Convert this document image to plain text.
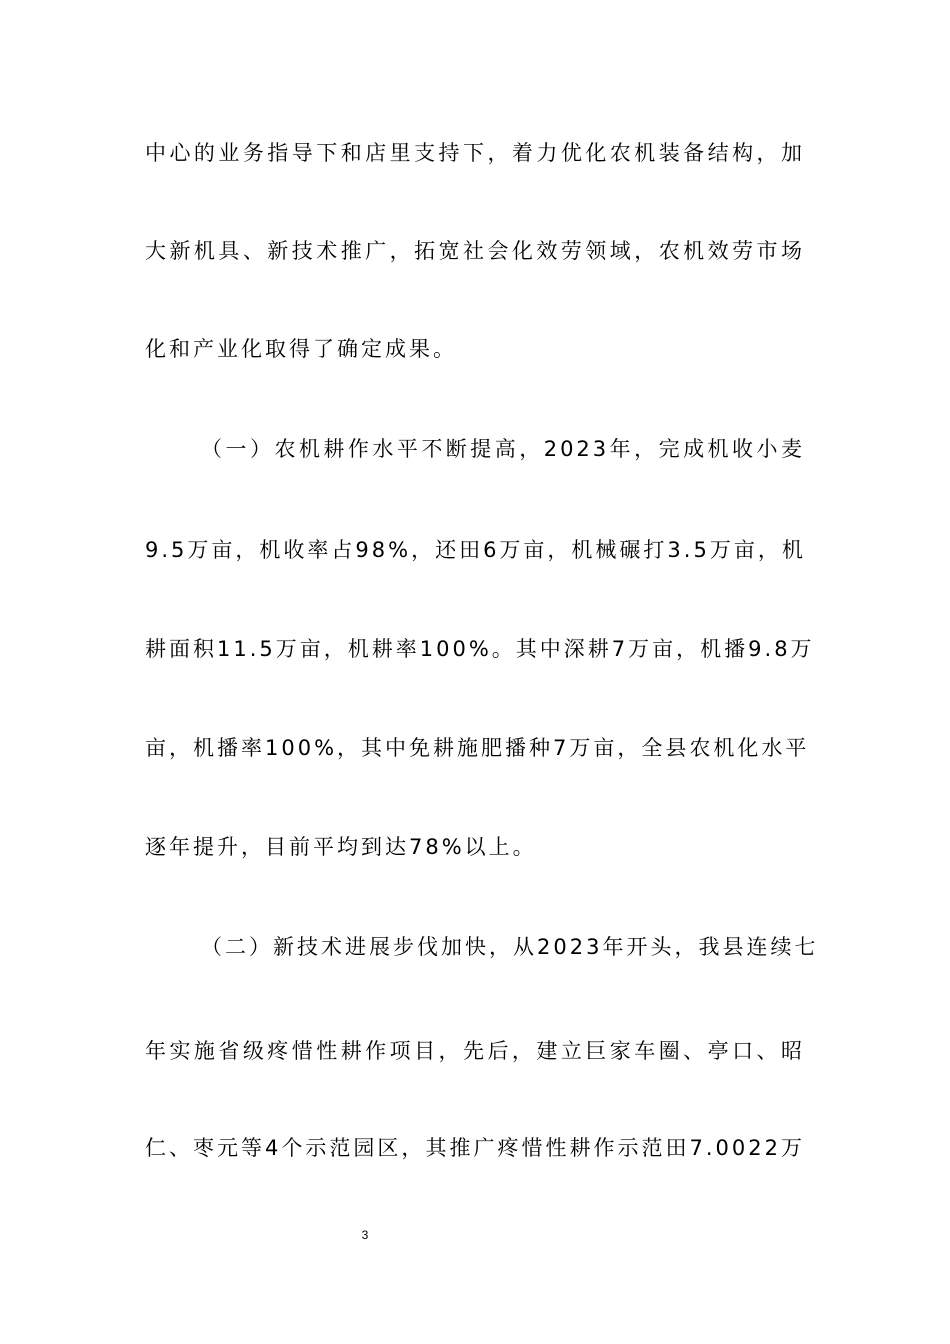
中心的业务指导下和店里支持下，着力优化农机装备结构，加
大新机具、新技术推广，拓宽社会化效劳领域，农机效劳市场
化和产业化取得了确定成果。
（一）农机耕作水平不断提高，2023年，完成机收小麦
9.5万亩，机收率占98%，还田6万亩，机械碾打3.5万亩，机
耕面积11.5万亩，机耕率100%。其中深耕7万亩，机播9.8万
亩，机播率100%，其中免耕施肥播种7万亩，全县农机化水平
逐年提升，目前平均到达78%以上。
（二）新技术进展步伐加快，从2023年开头，我县连续七
年实施省级疼惜性耕作项目，先后，建立巨家车圈、亭口、昭
仁、枣元等4个示范园区，其推广疼惜性耕作示范田7.0022万
3
